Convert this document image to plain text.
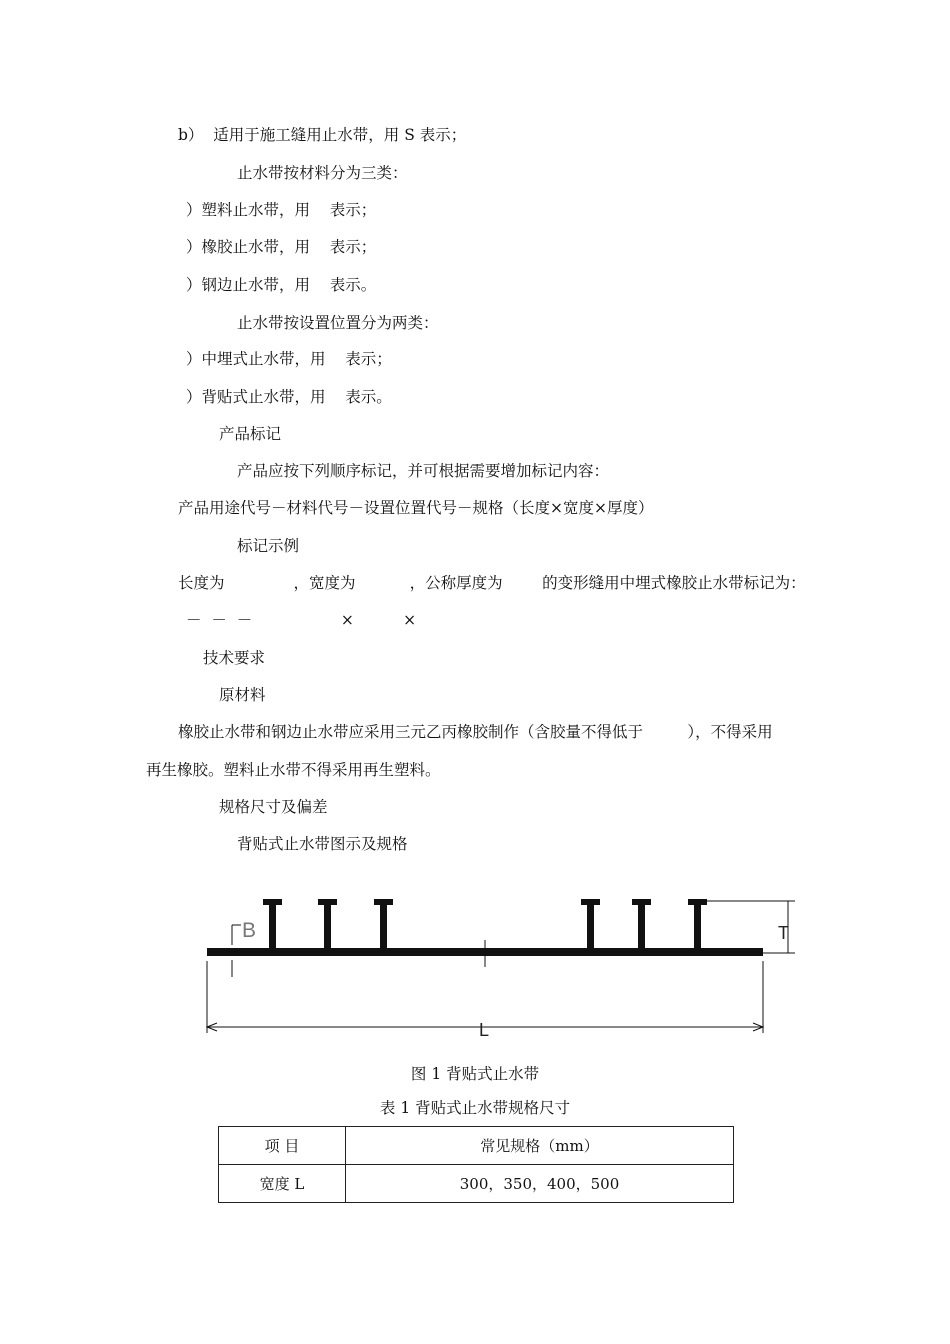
b）  适用于施工缝用止水带，用 S 表示；
止水带按材料分为三类：
）塑料止水带，用    表示；
）橡胶止水带，用    表示；
）钢边止水带，用    表示。
止水带按设置位置分为两类：
）中埋式止水带，用    表示；
）背贴式止水带，用    表示。
产品标记
产品应按下列顺序标记，并可根据需要增加标记内容：
产品用途代号－材料代号－设置位置代号－规格（长度×宽度×厚度）
标记示例
长度为              ，宽度为           ，公称厚度为        的变形缝用中埋式橡胶止水带标记为：
－  －  －                  ×          ×
技术要求
原材料
橡胶止水带和钢边止水带应采用三元乙丙橡胶制作（含胶量不得低于         ），不得采用
再生橡胶。塑料止水带不得采用再生塑料。
规格尺寸及偏差
背贴式止水带图示及规格
B	T
L
图 1 背贴式止水带
表 1 背贴式止水带规格尺寸
项 目	常见规格（mm）
宽度 L	300，350，400，500
